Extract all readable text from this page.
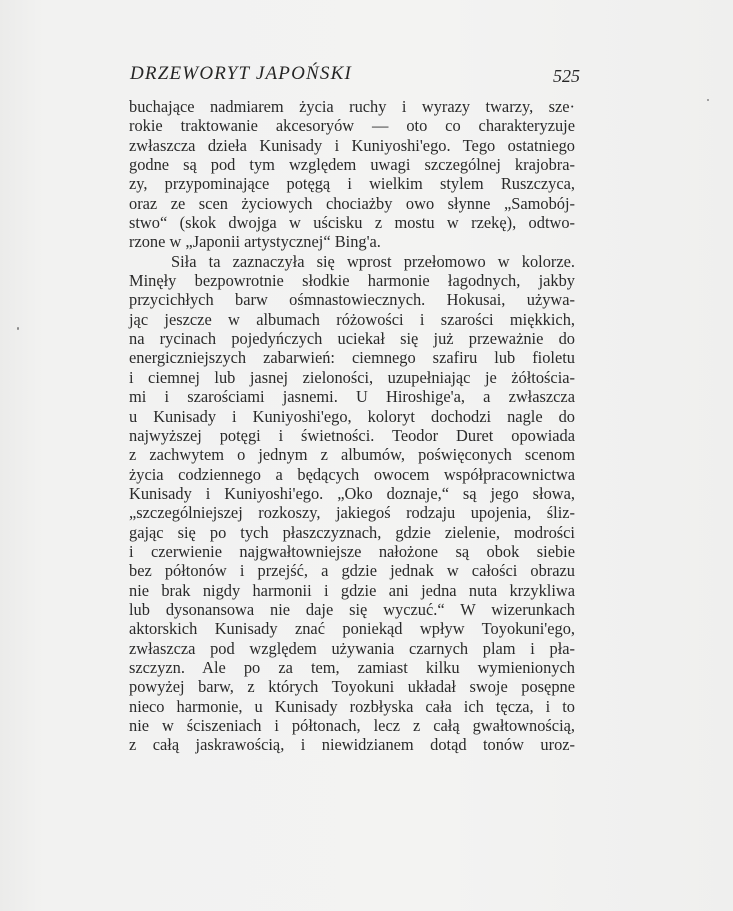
DRZEWORYT JAPOŃSKI	525
buchające nadmiarem życia ruchy i wyrazy twarzy, sze·
rokie traktowanie akcesoryów — oto co charakteryzuje
zwłaszcza dzieła Kunisady i Kuniyoshi'ego. Tego ostatniego
godne są pod tym względem uwagi szczególnej krajobra-
zy, przypominające potęgą i wielkim stylem Ruszczyca,
oraz ze scen życiowych chociażby owo słynne „Samobój-
stwo“ (skok dwojga w uścisku z mostu w rzekę), odtwo-
rzone w „Japonii artystycznej“ Bing'a.
Siła ta zaznaczyła się wprost przełomowo w kolorze.
Minęły bezpowrotnie słodkie harmonie łagodnych, jakby
przycichłych barw ośmnastowiecznych. Hokusai, używa-
jąc jeszcze w albumach różowości i szarości miękkich,
na rycinach pojedyńczych uciekał się już przeważnie do
energiczniejszych zabarwień: ciemnego szafiru lub fioletu
i ciemnej lub jasnej zieloności, uzupełniając je żółtościa-
mi i szarościami jasnemi. U Hiroshige'a, a zwłaszcza
u Kunisady i Kuniyoshi'ego, koloryt dochodzi nagle do
najwyższej potęgi i świetności. Teodor Duret opowiada
z zachwytem o jednym z albumów, poświęconych scenom
życia codziennego a będących owocem współpracownictwa
Kunisady i Kuniyoshi'ego. „Oko doznaje,“ są jego słowa,
„szczególniejszej rozkoszy, jakiegoś rodzaju upojenia, śliz-
gając się po tych płaszczyznach, gdzie zielenie, modrości
i czerwienie najgwałtowniejsze nałożone są obok siebie
bez półtonów i przejść, a gdzie jednak w całości obrazu
nie brak nigdy harmonii i gdzie ani jedna nuta krzykliwa
lub dysonansowa nie daje się wyczuć.“ W wizerunkach
aktorskich Kunisady znać poniekąd wpływ Toyokuni'ego,
zwłaszcza pod względem używania czarnych plam i pła-
szczyzn. Ale po za tem, zamiast kilku wymienionych
powyżej barw, z których Toyokuni układał swoje posępne
nieco harmonie, u Kunisady rozbłyska cała ich tęcza, i to
nie w ściszeniach i półtonach, lecz z całą gwałtownością,
z całą jaskrawością, i niewidzianem dotąd tonów uroz-
